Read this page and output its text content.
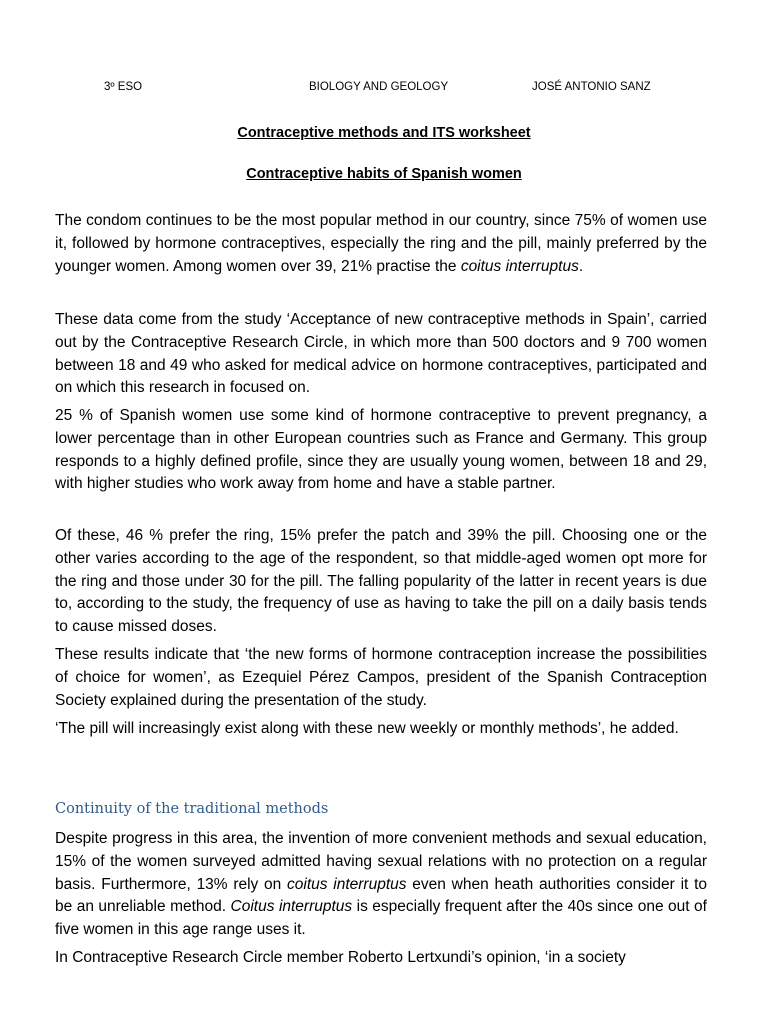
3º ESO	BIOLOGY AND GEOLOGY	JOSÉ ANTONIO SANZ
Contraceptive methods and ITS worksheet
Contraceptive habits of Spanish women

The condom continues to be the most popular method in our country, since 75% of women use it, followed by hormone contraceptives, especially the ring and the pill, mainly preferred by the younger women. Among women over 39, 21% practise the coitus interruptus.

These data come from the study ‘Acceptance of new contraceptive methods in Spain’, carried out by the Contraceptive Research Circle, in which more than 500 doctors and 9 700 women between 18 and 49 who asked for medical advice on hormone contraceptives, participated and on which this research in focused on.

25 % of Spanish women use some kind of hormone contraceptive to prevent pregnancy, a lower percentage than in other European countries such as France and Germany. This group responds to a highly defined profile, since they are usually young women, between 18 and 29, with higher studies who work away from home and have a stable partner.

Of these, 46 % prefer the ring, 15% prefer the patch and 39% the pill. Choosing one or the other varies according to the age of the respondent, so that middle-aged women opt more for the ring and those under 30 for the pill. The falling popularity of the latter in recent years is due to, according to the study, the frequency of use as having to take the pill on a daily basis tends to cause missed doses.

These results indicate that ‘the new forms of hormone contraception increase the possibilities of choice for women’, as Ezequiel Pérez Campos, president of the Spanish Contraception Society explained during the presentation of the study.

‘The pill will increasingly exist along with these new weekly or monthly methods’, he added.

Continuity of the traditional methods

Despite progress in this area, the invention of more convenient methods and sexual education, 15% of the women surveyed admitted having sexual relations with no protection on a regular basis. Furthermore, 13% rely on coitus interruptus even when heath authorities consider it to be an unreliable method. Coitus interruptus is especially frequent after the 40s since one out of five women in this age range uses it.

In Contraceptive Research Circle member Roberto Lertxundi’s opinion, ‘in a society
